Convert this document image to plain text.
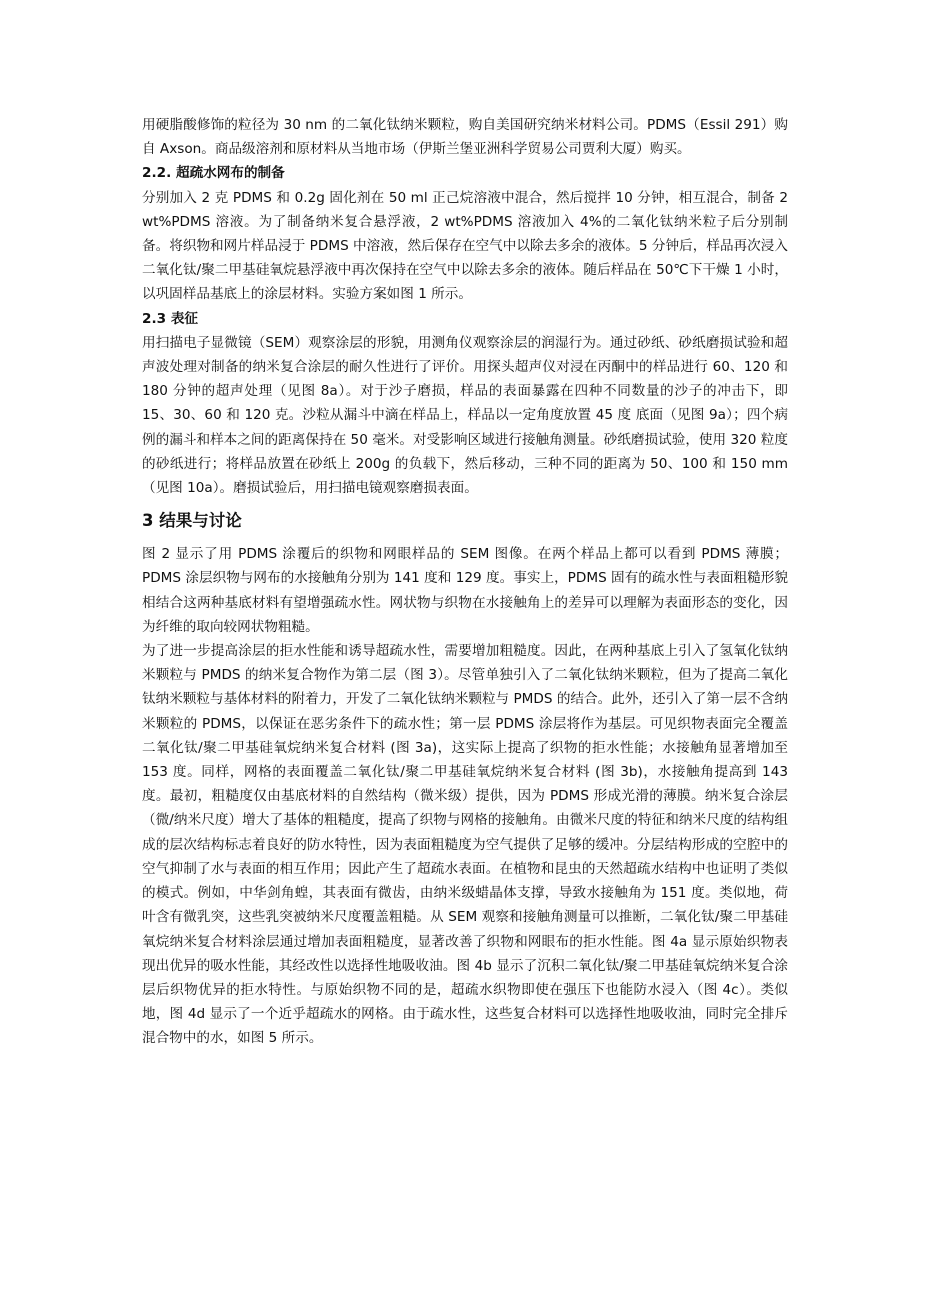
用硬脂酸修饰的粒径为 30 nm 的二氧化钛纳米颗粒，购自美国研究纳米材料公司。PDMS（Essil 291）购自 Axson。商品级溶剂和原材料从当地市场（伊斯兰堡亚洲科学贸易公司贾利大厦）购买。

2.2. 超疏水网布的制备

分别加入 2 克 PDMS 和 0.2g 固化剂在 50 ml 正己烷溶液中混合，然后搅拌 10 分钟，相互混合，制备 2 wt%PDMS 溶液。为了制备纳米复合悬浮液，2 wt%PDMS 溶液加入 4%的二氧化钛纳米粒子后分别制备。将织物和网片样品浸于 PDMS 中溶液，然后保存在空气中以除去多余的液体。5 分钟后，样品再次浸入二氧化钛/聚二甲基硅氧烷悬浮液中再次保持在空气中以除去多余的液体。随后样品在 50℃下干燥 1 小时，以巩固样品基底上的涂层材料。实验方案如图 1 所示。

2.3 表征

用扫描电子显微镜（SEM）观察涂层的形貌，用测角仪观察涂层的润湿行为。通过砂纸、砂纸磨损试验和超声波处理对制备的纳米复合涂层的耐久性进行了评价。用探头超声仪对浸在丙酮中的样品进行 60、120 和 180 分钟的超声处理（见图 8a）。对于沙子磨损，样品的表面暴露在四种不同数量的沙子的冲击下，即 15、30、60 和 120 克。沙粒从漏斗中滴在样品上，样品以一定角度放置 45 度 底面（见图 9a）；四个病例的漏斗和样本之间的距离保持在 50 毫米。对受影响区域进行接触角测量。砂纸磨损试验，使用 320 粒度的砂纸进行；将样品放置在砂纸上 200g 的负载下，然后移动，三种不同的距离为 50、100 和 150 mm（见图 10a）。磨损试验后，用扫描电镜观察磨损表面。

3 结果与讨论

图 2 显示了用 PDMS 涂覆后的织物和网眼样品的 SEM 图像。在两个样品上都可以看到 PDMS 薄膜；PDMS 涂层织物与网布的水接触角分别为 141 度和 129 度。事实上，PDMS 固有的疏水性与表面粗糙形貌相结合这两种基底材料有望增强疏水性。网状物与织物在水接触角上的差异可以理解为表面形态的变化，因为纤维的取向较网状物粗糙。

为了进一步提高涂层的拒水性能和诱导超疏水性，需要增加粗糙度。因此，在两种基底上引入了氢氧化钛纳米颗粒与 PMDS 的纳米复合物作为第二层（图 3）。尽管单独引入了二氧化钛纳米颗粒，但为了提高二氧化钛纳米颗粒与基体材料的附着力，开发了二氧化钛纳米颗粒与 PMDS 的结合。此外，还引入了第一层不含纳米颗粒的 PDMS，以保证在恶劣条件下的疏水性；第一层 PDMS 涂层将作为基层。可见织物表面完全覆盖二氧化钛/聚二甲基硅氧烷纳米复合材料 (图 3a)，这实际上提高了织物的拒水性能；水接触角显著增加至 153 度。同样，网格的表面覆盖二氧化钛/聚二甲基硅氧烷纳米复合材料 (图 3b)，水接触角提高到 143 度。最初，粗糙度仅由基底材料的自然结构（微米级）提供，因为 PDMS 形成光滑的薄膜。纳米复合涂层（微/纳米尺度）增大了基体的粗糙度，提高了织物与网格的接触角。由微米尺度的特征和纳米尺度的结构组成的层次结构标志着良好的防水特性，因为表面粗糙度为空气提供了足够的缓冲。分层结构形成的空腔中的空气抑制了水与表面的相互作用；因此产生了超疏水表面。在植物和昆虫的天然超疏水结构中也证明了类似的模式。例如，中华剑角蝗，其表面有微齿，由纳米级蜡晶体支撑，导致水接触角为 151 度。类似地，荷叶含有微乳突，这些乳突被纳米尺度覆盖粗糙。从 SEM 观察和接触角测量可以推断，二氧化钛/聚二甲基硅氧烷纳米复合材料涂层通过增加表面粗糙度，显著改善了织物和网眼布的拒水性能。图 4a 显示原始织物表现出优异的吸水性能，其经改性以选择性地吸收油。图 4b 显示了沉积二氧化钛/聚二甲基硅氧烷纳米复合涂层后织物优异的拒水特性。与原始织物不同的是，超疏水织物即使在强压下也能防水浸入（图 4c）。类似地，图 4d 显示了一个近乎超疏水的网格。由于疏水性，这些复合材料可以选择性地吸收油，同时完全排斥混合物中的水，如图 5 所示。
